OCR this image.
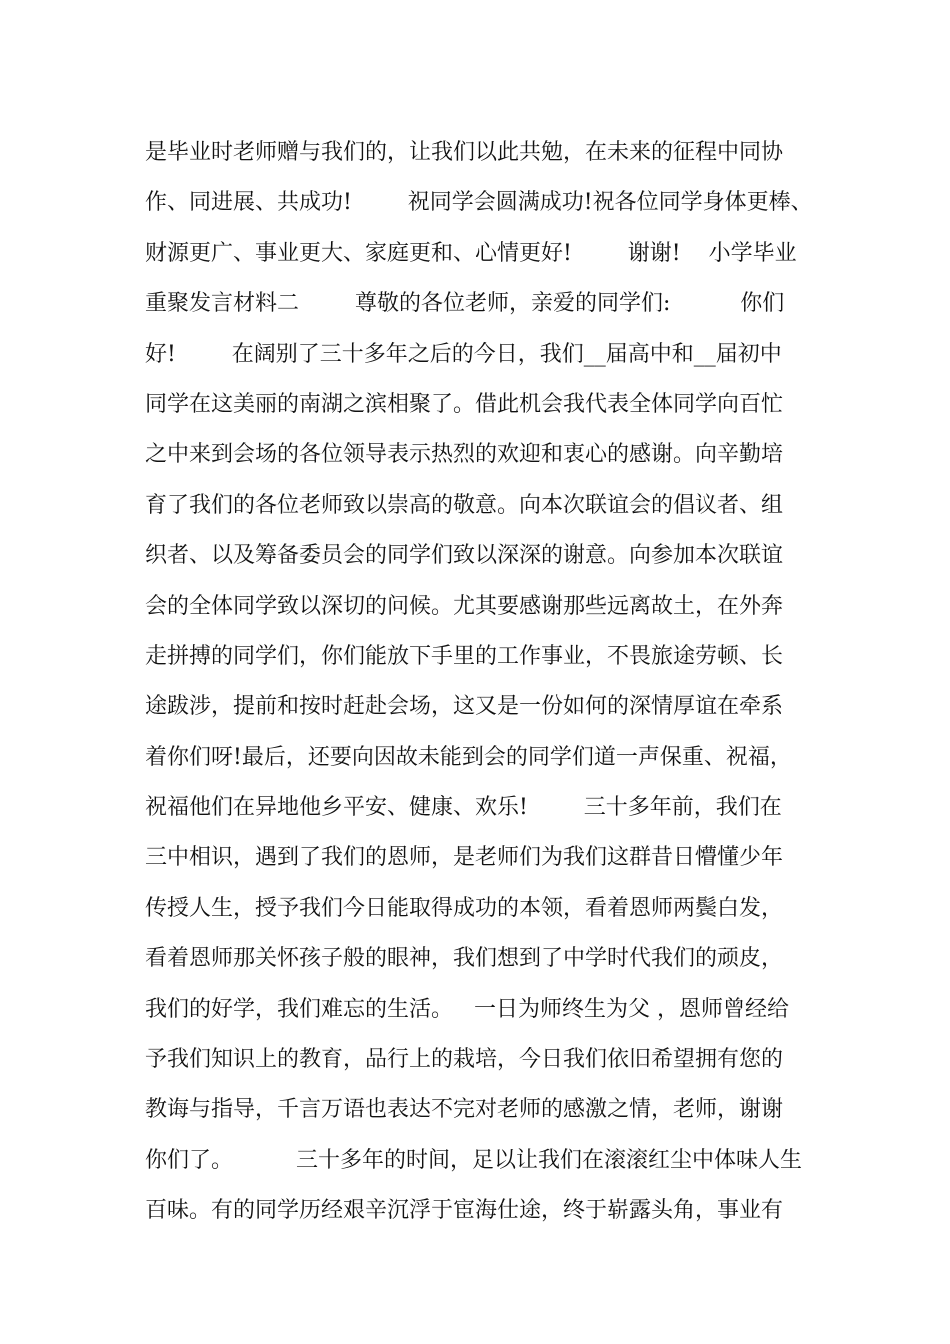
是毕业时老师赠与我们的，让我们以此共勉，在未来的征程中同协
作、同进展、共成功!        祝同学会圆满成功!祝各位同学身体更棒、
财源更广、事业更大、家庭更和、心情更好!        谢谢!    小学毕业
重聚发言材料二        尊敬的各位老师，亲爱的同学们:          你们
好!        在阔别了三十多年之后的今日，我们__届高中和__届初中
同学在这美丽的南湖之滨相聚了。借此机会我代表全体同学向百忙
之中来到会场的各位领导表示热烈的欢迎和衷心的感谢。向辛勤培
育了我们的各位老师致以崇高的敬意。向本次联谊会的倡议者、组
织者、以及筹备委员会的同学们致以深深的谢意。向参加本次联谊
会的全体同学致以深切的问候。尤其要感谢那些远离故土，在外奔
走拼搏的同学们，你们能放下手里的工作事业，不畏旅途劳顿、长
途跋涉，提前和按时赶赴会场，这又是一份如何的深情厚谊在牵系
着你们呀!最后，还要向因故未能到会的同学们道一声保重、祝福，
祝福他们在异地他乡平安、健康、欢乐!        三十多年前，我们在
三中相识，遇到了我们的恩师，是老师们为我们这群昔日懵懂少年
传授人生，授予我们今日能取得成功的本领，看着恩师两鬓白发，
看着恩师那关怀孩子般的眼神，我们想到了中学时代我们的顽皮，
我们的好学，我们难忘的生活。   一日为师终生为父 ，恩师曾经给
予我们知识上的教育，品行上的栽培，今日我们依旧希望拥有您的
教诲与指导，千言万语也表达不完对老师的感激之情，老师，谢谢
你们了。         三十多年的时间，足以让我们在滚滚红尘中体味人生
百味。有的同学历经艰辛沉浮于宦海仕途，终于崭露头角，事业有
